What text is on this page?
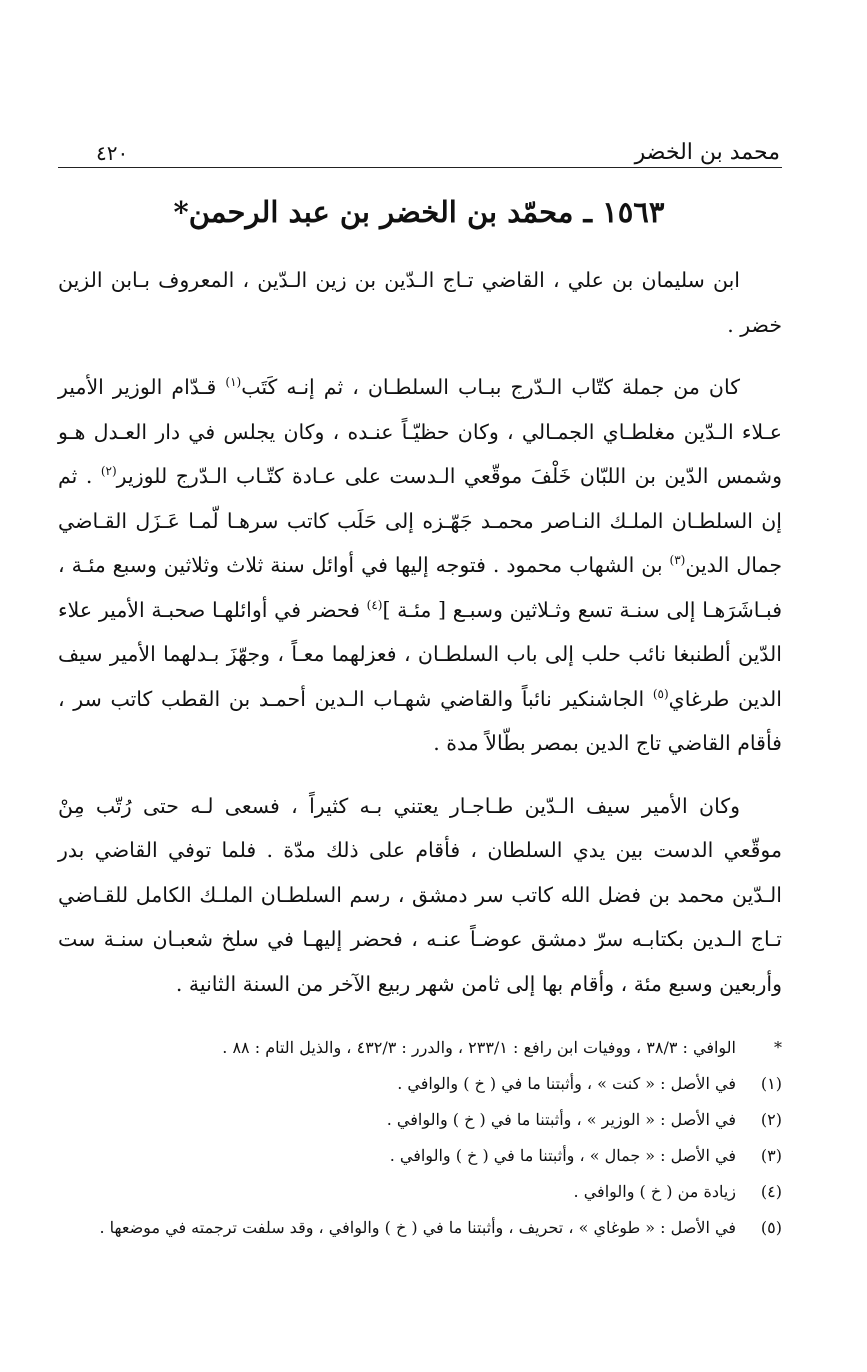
محمد بن الخضر
٤٢٠
١٥٦٣ ـ محمّد بن الخضر بن عبد الرحمن*

ابن سليمان بن علي ، القاضي تـاج الـدّين بن زين الـدّين ، المعروف بـابن الزين خضر .

كان من جملة كتّاب الـدّرج ببـاب السلطـان ، ثم إنـه كَتَب$^{(١)}$ قـدّام الوزير الأمير عـلاء الـدّين مغلطـاي الجمـالي ، وكان حظيّـاً عنـده ، وكان يجلس في دار العـدل هـو وشمس الدّين بن اللبّان خَلْفَ موقّعي الـدست على عـادة كتّـاب الـدّرج للوزير$^{(٢)}$ . ثم إن السلطـان الملـك النـاصر محمـد جَهّـزه إلى حَلَب كاتب سرهـا لّمـا عَـزَل القـاضي جمال الدين$^{(٣)}$ بن الشهاب محمود . فتوجه إليها في أوائل سنة ثلاث وثلاثين وسبع مئـة ، فبـاشَرَهـا إلى سنـة تسع وثـلاثين وسبـع [ مئـة ]$^{(٤)}$ فحضر في أوائلهـا صحبـة الأمير علاء الدّين ألطنبغا نائب حلب إلى باب السلطـان ، فعزلهما معـاً ، وجهّزَ بـدلهما الأمير سيف الدين طرغاي$^{(٥)}$ الجاشنكير نائباً والقاضي شهـاب الـدين أحمـد بن القطب كاتب سر ، فأقام القاضي تاج الدين بمصر بطّالاً مدة .

وكان الأمير سيف الـدّين طـاجـار يعتني بـه كثيراً ، فسعى لـه حتى رُتّب مِنْ موقّعي الدست بين يدي السلطان ، فأقام على ذلك مدّة . فلما توفي القاضي بدر الـدّين محمد بن فضل الله كاتب سر دمشق ، رسم السلطـان الملـك الكامل للقـاضي تـاج الـدين بكتابـه سرّ دمشق عوضـاً عنـه ، فحضر إليهـا في سلخ شعبـان سنـة ست وأربعين وسبع مئة ، وأقام بها إلى ثامن شهر ربيع الآخر من السنة الثانية .

*
الوافي : ٣٨/٣ ، ووفيات ابن رافع : ٢٣٣/١ ، والدرر : ٤٣٢/٣ ، والذيل التام : ٨٨ .
(١)
في الأصل : « كنت » ، وأثبتنا ما في ( خ ) والوافي .
(٢)
في الأصل : « الوزير » ، وأثبتنا ما في ( خ ) والوافي .
(٣)
في الأصل : « جمال » ، وأثبتنا ما في ( خ ) والوافي .
(٤)
زيادة من ( خ ) والوافي .
(٥)
في الأصل : « طوغاي » ، تحريف ، وأثبتنا ما في ( خ ) والوافي ، وقد سلفت ترجمته في موضعها .
